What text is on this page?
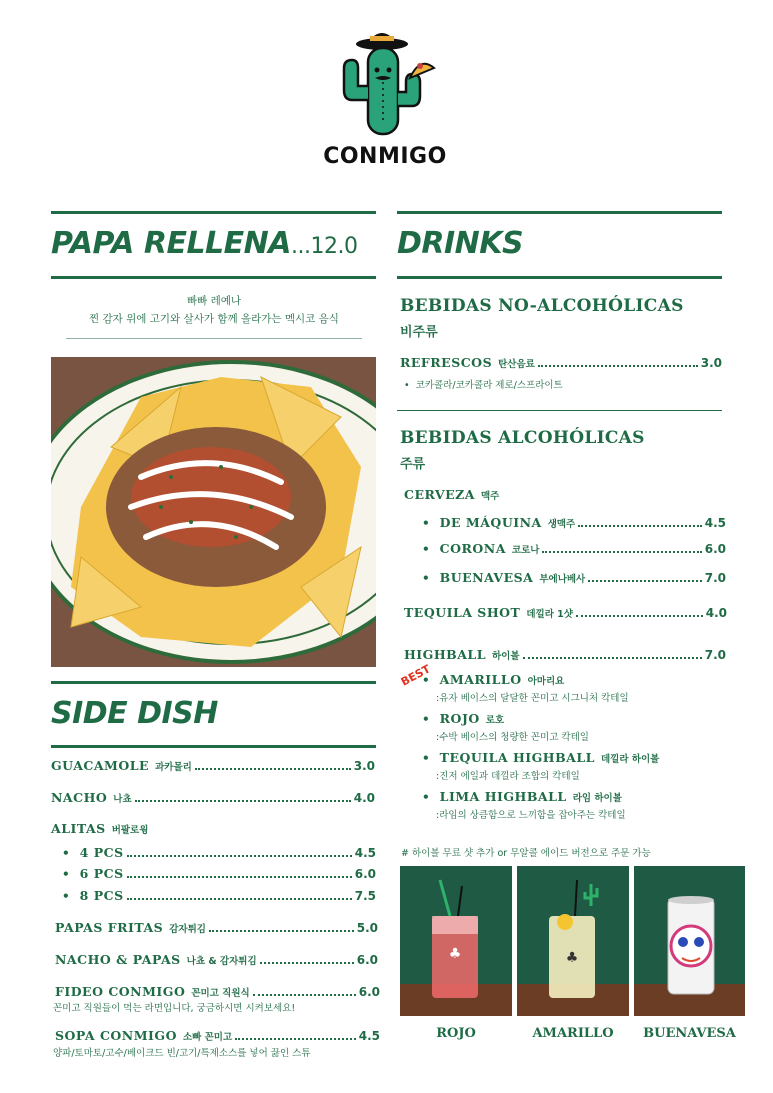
CONMIGO
PAPA RELLENA...12.0
빠빠 레예나
찐 감자 위에 고기와 살사가 함께 올라가는 멕시코 음식
SIDE DISH
GUACAMOLE 과카몰리	3.0
NACHO 나쵸	4.0
ALITAS 버팔로윙
• 4 PCS	4.5
• 6 PCS	6.0
• 8 PCS	7.5
PAPAS FRITAS 감자튀김	5.0
NACHO & PAPAS 나쵸 & 감자튀김	6.0
FIDEO CONMIGO 꼰미고 직원식	6.0
꼰미고 직원들이 먹는 라면입니다, 궁금하시면 시켜보세요!
SOPA CONMIGO 소빠 꼰미고	4.5
양파/토마토/고수/베이크드 빈/고기/특제소스를 넣어 끓인 스튜
DRINKS
BEBIDAS NO-ALCOHÓLICAS
비주류
REFRESCOS 탄산음료	3.0
•  코카콜라/코카콜라 제로/스프라이트
BEBIDAS ALCOHÓLICAS
주류
CERVEZA 맥주
• DE MÁQUINA 생맥주	4.5
• CORONA 코로나	6.0
• BUENAVESA 부에나베사	7.0
TEQUILA SHOT 데낄라 1샷	4.0
HIGHBALL 하이볼	7.0
BEST
• AMARILLO 아마리요
:유자 베이스의 달달한 꼰미고 시그니처 칵테일
• ROJO 로호
:수박 베이스의 청량한 꼰미고 칵테일
• TEQUILA HIGHBALL 데낄라 하이볼
:진저 에일과 데낄라 조합의 칵테일
• LIMA HIGHBALL 라임 하이볼
:라임의 상큼함으로 느끼함을 잡아주는 칵테일
# 하이볼 무료 샷 추가 or 무알콜 에이드 버전으로 주문 가능
♣	♣
ROJO	AMARILLO	BUENAVESA
